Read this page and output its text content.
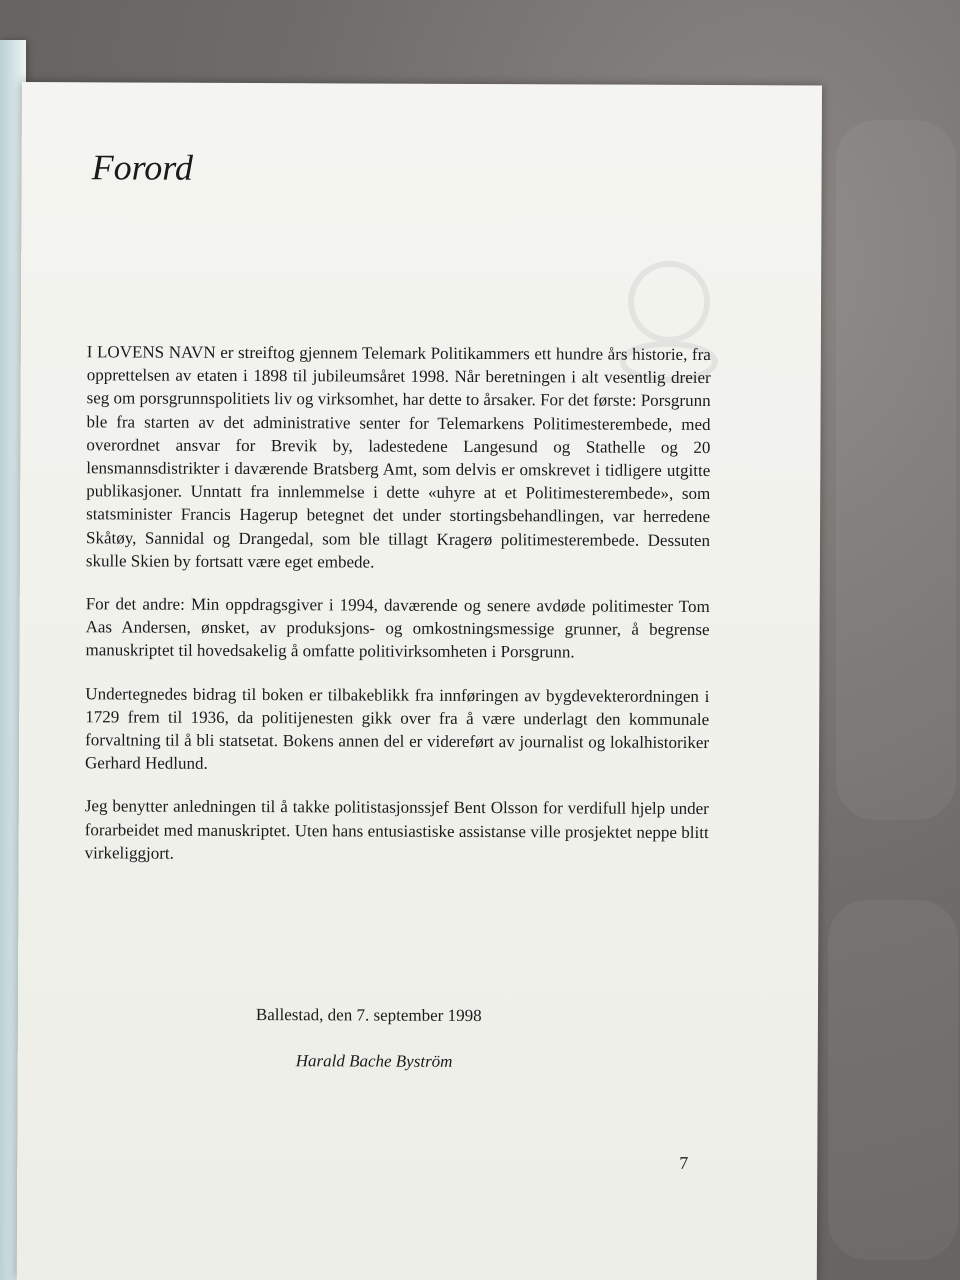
Forord

I LOVENS NAVN er streiftog gjennem Telemark Politikammers ett hundre års historie, fra opprettelsen av etaten i 1898 til jubileumsåret 1998. Når beretningen i alt vesentlig dreier seg om porsgrunnspolitiets liv og virksomhet, har dette to årsaker. For det første: Porsgrunn ble fra starten av det administrative senter for Telemarkens Politimesterembede, med overordnet ansvar for Brevik by, ladestedene Langesund og Stathelle og 20 lensmannsdistrikter i daværende Bratsberg Amt, som delvis er omskrevet i tidligere utgitte publikasjoner. Unntatt fra innlemmelse i dette «uhyre at et Politimesterembede», som statsminister Francis Hagerup betegnet det under stortingsbehandlingen, var herredene Skåtøy, Sannidal og Drangedal, som ble tillagt Kragerø politimesterembede. Dessuten skulle Skien by fortsatt være eget embede.

For det andre: Min oppdragsgiver i 1994, daværende og senere avdøde politimester Tom Aas Andersen, ønsket, av produksjons- og omkostningsmessige grunner, å begrense manuskriptet til hovedsakelig å omfatte politivirksomheten i Porsgrunn.

Undertegnedes bidrag til boken er tilbakeblikk fra innføringen av bygdevekterordningen i 1729 frem til 1936, da politijenesten gikk over fra å være underlagt den kommunale forvaltning til å bli statsetat. Bokens annen del er videreført av journalist og lokalhistoriker Gerhard Hedlund.

Jeg benytter anledningen til å takke politistasjonssjef Bent Olsson for verdifull hjelp under forarbeidet med manuskriptet. Uten hans entusiastiske assistanse ville prosjektet neppe blitt virkeliggjort.

Ballestad, den 7. september 1998
Harald Bache Byström
7
